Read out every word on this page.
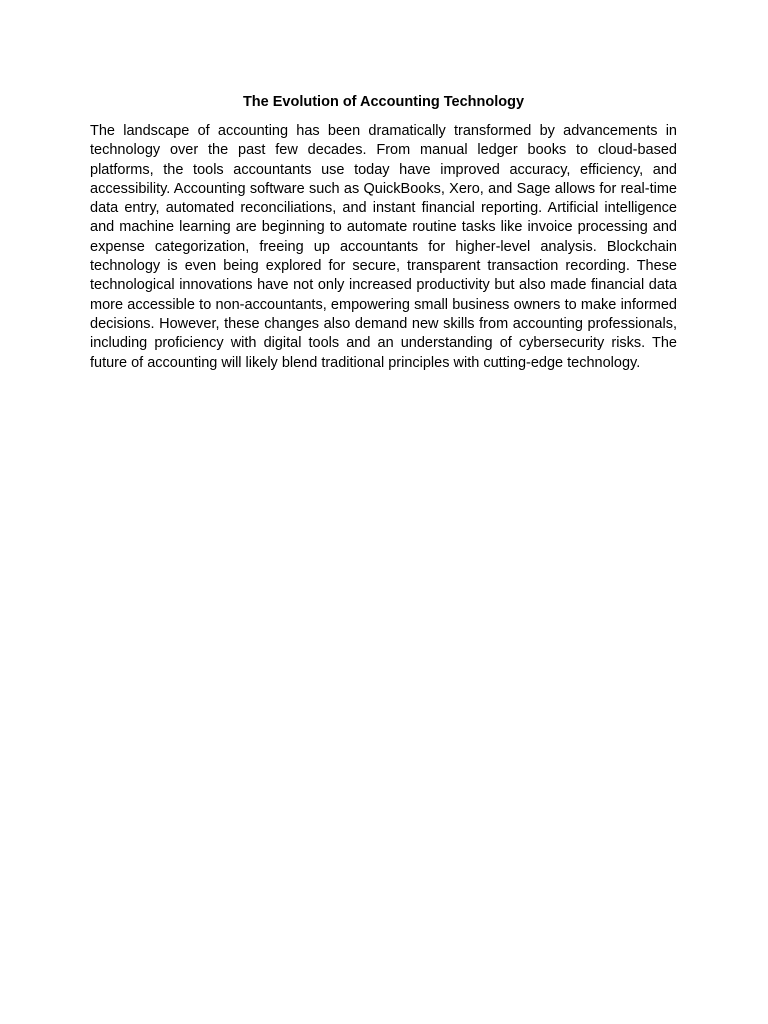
The Evolution of Accounting Technology

The landscape of accounting has been dramatically transformed by advancements in technology over the past few decades. From manual ledger books to cloud-based platforms, the tools accountants use today have improved accuracy, efficiency, and accessibility. Accounting software such as QuickBooks, Xero, and Sage allows for real-time data entry, automated reconciliations, and instant financial reporting. Artificial intelligence and machine learning are beginning to automate routine tasks like invoice processing and expense categorization, freeing up accountants for higher-level analysis. Blockchain technology is even being explored for secure, transparent transaction recording. These technological innovations have not only increased productivity but also made financial data more accessible to non-accountants, empowering small business owners to make informed decisions. However, these changes also demand new skills from accounting professionals, including proficiency with digital tools and an understanding of cybersecurity risks. The future of accounting will likely blend traditional principles with cutting-edge technology.
